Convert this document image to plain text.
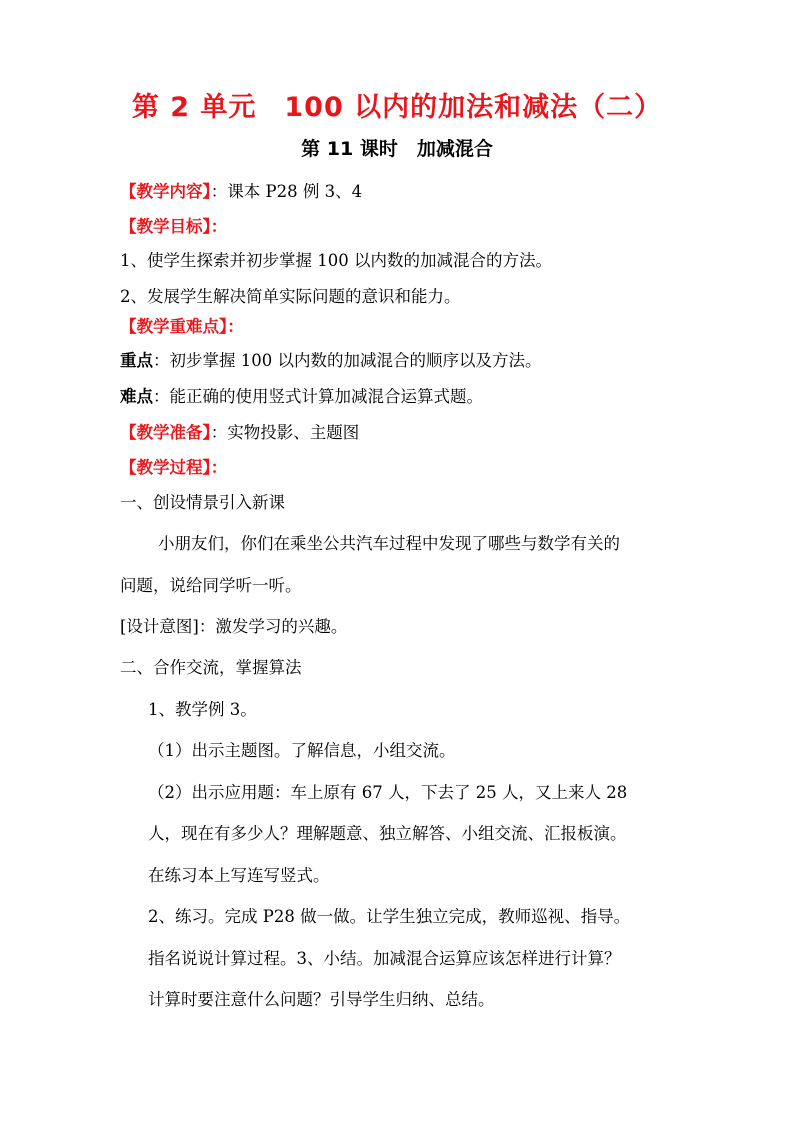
第 2 单元　100 以内的加法和减法（二）
第 11 课时　加减混合
【教学内容】：课本 P28 例 3、4
【教学目标】：
1、使学生探索并初步掌握 100 以内数的加减混合的方法。
2、发展学生解决简单实际问题的意识和能力。
【教学重难点】：
重点：初步掌握 100 以内数的加减混合的顺序以及方法。
难点：能正确的使用竖式计算加减混合运算式题。
【教学准备】：实物投影、主题图
【教学过程】：
一、创设情景引入新课
小朋友们，你们在乘坐公共汽车过程中发现了哪些与数学有关的
问题，说给同学听一听。
[设计意图]：激发学习的兴趣。
二、合作交流，掌握算法
1、教学例 3。
（1）出示主题图。了解信息，小组交流。
（2）出示应用题：车上原有 67 人，下去了 25 人，又上来人 28
人，现在有多少人？理解题意、独立解答、小组交流、汇报板演。
在练习本上写连写竖式。
2、练习。完成 P28 做一做。让学生独立完成，教师巡视、指导。
指名说说计算过程。3、小结。加减混合运算应该怎样进行计算？
计算时要注意什么问题？引导学生归纳、总结。
